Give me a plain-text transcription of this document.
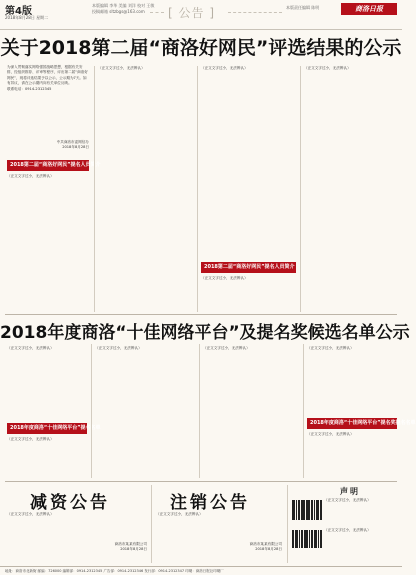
第4版
2018年8月28日 星期二
本版编辑 李华 美编 刘洋 校对 王敏
投稿邮箱 sltzbgs@163.com	[ 公告 ]	本版责任编辑 陈明	商洛日报
关于2018第二届“商洛好网民”评选结果的公示
为深入贯彻落实网络强国战略思想，根据有关安排，经组织推荐、评审等程序，评出第二届“商洛好网民”，现将评选结果予以公示，公示期为7天。如有异议，请在公示期内向有关单位反映。
联系电话：0914-2312345
中共商洛市委网信办
2018年8月28日
2018第二届“商洛好网民”提名人员简介
（正文文字过小，无法辨认）
（正文文字过小，无法辨认）	（正文文字过小，无法辨认）
2018第二届“商洛好网民”提名人员简介
（正文文字过小，无法辨认）
（正文文字过小，无法辨认）
2018年度商洛“十佳网络平台”及提名奖候选名单公示
（正文文字过小，无法辨认）
2018年度商洛“十佳网络平台”提名名单
（正文文字过小，无法辨认）
（正文文字过小，无法辨认）	（正文文字过小，无法辨认）	（正文文字过小，无法辨认）
2018年度商洛“十佳网络平台”提名奖提名名单
（正文文字过小，无法辨认）
减资公告
（正文文字过小，无法辨认）
商洛市某某有限公司
2018年8月28日
注销公告
（正文文字过小，无法辨认）
商洛市某某有限公司
2018年8月28日
声明
（正文文字过小，无法辨认）
（正文文字过小，无法辨认）
地址：商洛市北新街 邮编：726000 编辑部：0914-2312345 广告部：0914-2312346 发行部：0914-2312347 印刷：商洛日报社印刷厂
